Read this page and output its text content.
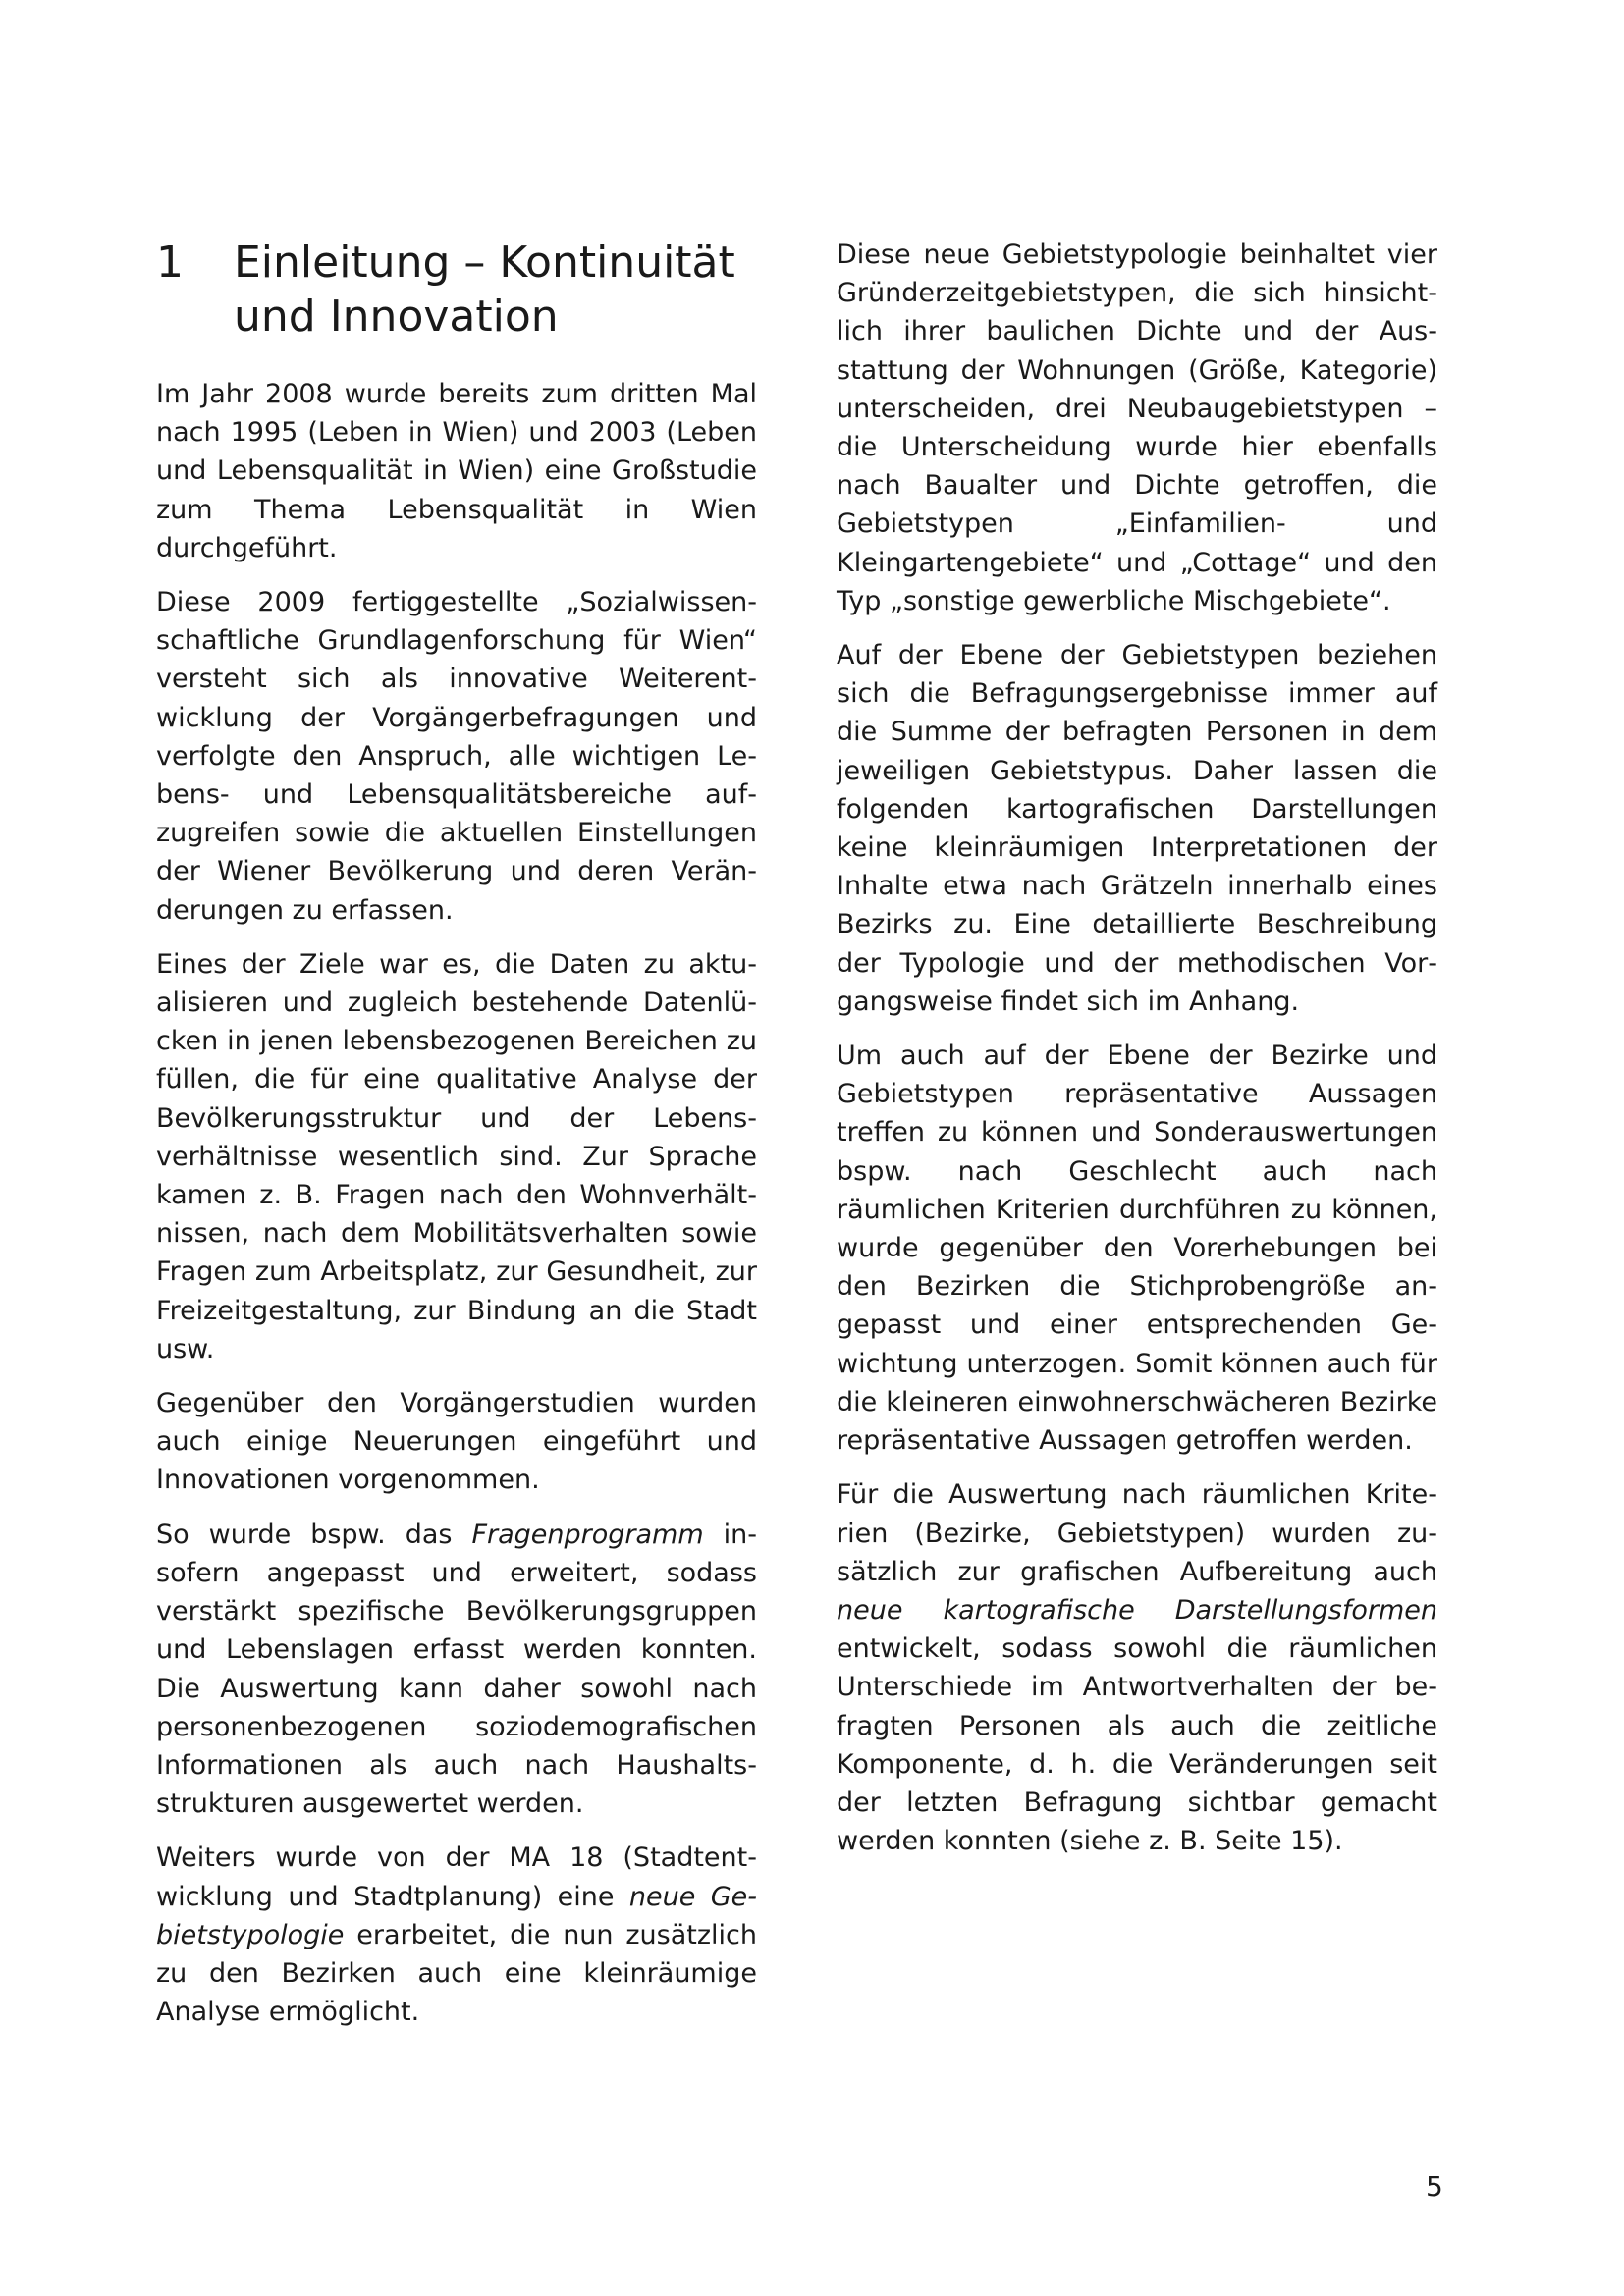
1	Einleitung – Kontinuität und Innovation

Im Jahr 2008 wurde bereits zum dritten Mal nach 1995 (Leben in Wien) und 2003 (Leben und Lebensqualität in Wien) eine Großstudie zum Thema Lebensqualität in Wien durchgeführt.

Diese 2009 fertiggestellte „Sozialwissenschaftliche Grundlagenforschung für Wien“ versteht sich als innovative Weiterentwicklung der Vorgängerbefragungen und verfolgte den Anspruch, alle wichtigen Lebens- und Lebensqualitätsbereiche aufzugreifen sowie die aktuellen Einstellungen der Wiener Bevölkerung und deren Veränderungen zu erfassen.

Eines der Ziele war es, die Daten zu aktualisieren und zugleich bestehende Datenlücken in jenen lebensbezogenen Bereichen zu füllen, die für eine qualitative Analyse der Bevölkerungsstruktur und der Lebensverhältnisse wesentlich sind. Zur Sprache kamen z. B. Fragen nach den Wohnverhältnissen, nach dem Mobilitätsverhalten sowie Fragen zum Arbeitsplatz, zur Gesundheit, zur Freizeitgestaltung, zur Bindung an die Stadt usw.

Gegenüber den Vorgängerstudien wurden auch einige Neuerungen eingeführt und Innovationen vorgenommen.

So wurde bspw. das Fragenprogramm insofern angepasst und erweitert, sodass verstärkt spezifische Bevölkerungsgruppen und Lebenslagen erfasst werden konnten. Die Auswertung kann daher sowohl nach personenbezogenen soziodemografischen Informationen als auch nach Haushaltsstrukturen ausgewertet werden.

Weiters wurde von der MA 18 (Stadtentwicklung und Stadtplanung) eine neue Gebietstypologie erarbeitet, die nun zusätzlich zu den Bezirken auch eine kleinräumige Analyse ermöglicht.

Diese neue Gebietstypologie beinhaltet vier Gründerzeitgebietstypen, die sich hinsichtlich ihrer baulichen Dichte und der Ausstattung der Wohnungen (Größe, Kategorie) unterscheiden, drei Neubaugebietstypen – die Unterscheidung wurde hier ebenfalls nach Baualter und Dichte getroffen, die Gebietstypen „Einfamilien- und Kleingartengebiete“ und „Cottage“ und den Typ „sonstige gewerbliche Mischgebiete“.

Auf der Ebene der Gebietstypen beziehen sich die Befragungsergebnisse immer auf die Summe der befragten Personen in dem jeweiligen Gebietstypus. Daher lassen die folgenden kartografischen Darstellungen keine kleinräumigen Interpretationen der Inhalte etwa nach Grätzeln innerhalb eines Bezirks zu. Eine detaillierte Beschreibung der Typologie und der methodischen Vorgangsweise findet sich im Anhang.

Um auch auf der Ebene der Bezirke und Gebietstypen repräsentative Aussagen treffen zu können und Sonderauswertungen bspw. nach Geschlecht auch nach räumlichen Kriterien durchführen zu können, wurde gegenüber den Vorerhebungen bei den Bezirken die Stichprobengröße angepasst und einer entsprechenden Gewichtung unterzogen. Somit können auch für die kleineren einwohnerschwächeren Bezirke repräsentative Aussagen getroffen werden.

Für die Auswertung nach räumlichen Kriterien (Bezirke, Gebietstypen) wurden zusätzlich zur grafischen Aufbereitung auch neue kartografische Darstellungsformen entwickelt, sodass sowohl die räumlichen Unterschiede im Antwortverhalten der befragten Personen als auch die zeitliche Komponente, d. h. die Veränderungen seit der letzten Befragung sichtbar gemacht werden konnten (siehe z. B. Seite 15).

5
